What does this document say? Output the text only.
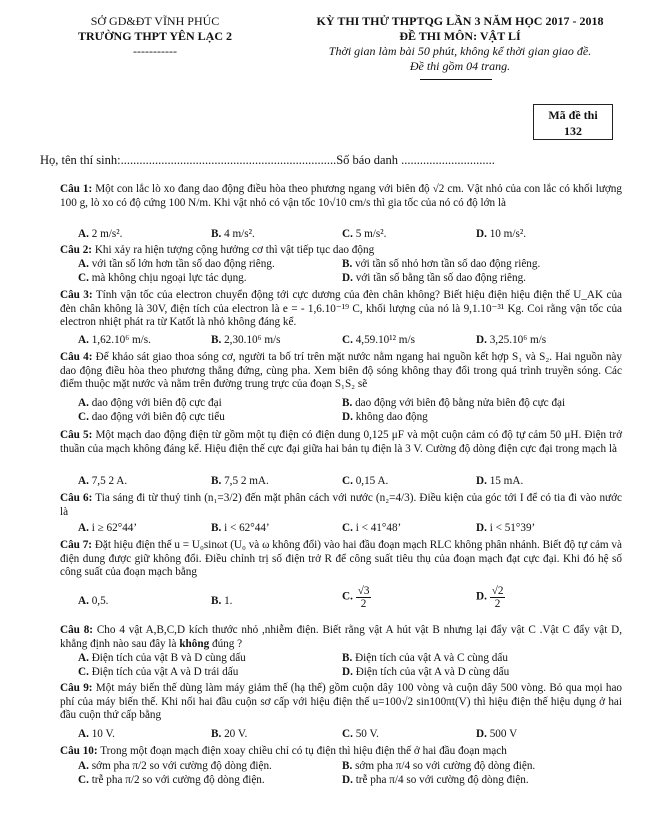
SỞ GD&ĐT VĨNH PHÚC
TRƯỜNG THPT YÊN LẠC 2
-----------
KỲ THI THỬ THPTQG LẦN 3 NĂM HỌC 2017 - 2018
ĐỀ THI MÔN: VẬT LÍ
Thời gian làm bài 50 phút, không kể thời gian giao đề.
Đề thi gồm 04 trang.
Mã đề thi
132
Họ, tên thí sinh:.....................................................................Số báo danh ..............................
Câu 1: Một con lắc lò xo đang dao động điều hòa theo phương ngang với biên độ √2 cm. Vật nhỏ của con lắc có khối lượng 100 g, lò xo có độ cứng 100 N/m. Khi vật nhỏ có vận tốc 10√10 cm/s thì gia tốc của nó có độ lớn là
A. 2 m/s².	B. 4 m/s².	C. 5 m/s².	D. 10 m/s².
Câu 2: Khi xảy ra hiện tượng cộng hưởng cơ thì vật tiếp tục dao động
A. với tần số lớn hơn tần số dao động riêng.	B. với tần số nhỏ hơn tần số dao động riêng.
C. mà không chịu ngoại lực tác dụng.	D. với tần số bằng tần số dao động riêng.
Câu 3: Tính vận tốc của electron chuyển động tới cực dương của đèn chân không? Biết hiệu điện hiệu điện thế U_AK của đèn chân không là 30V, điện tích của electron là e = - 1,6.10⁻¹⁹ C, khối lượng của nó là 9,1.10⁻³¹ Kg. Coi rằng vận tốc của electron nhiệt phát ra từ Katốt là nhỏ không đáng kể.
A. 1,62.10⁶ m/s.	B. 2,30.10⁶ m/s	C. 4,59.10¹² m/s	D. 3,25.10⁶ m/s
Câu 4: Để khảo sát giao thoa sóng cơ, người ta bố trí trên mặt nước nằm ngang hai nguồn kết hợp S₁ và S₂. Hai nguồn này dao động điều hòa theo phương thẳng đứng, cùng pha. Xem biên độ sóng không thay đổi trong quá trình truyền sóng. Các điểm thuộc mặt nước và nằm trên đường trung trực của đoạn S₁S₂ sẽ
A. dao động với biên độ cực đại	B. dao động với biên độ bằng nửa biên độ cực đại
C. dao động với biên độ cực tiểu	D. không dao động
Câu 5: Một mạch dao động điện từ gồm một tụ điện có điện dung 0,125 μF và một cuộn cảm có độ tự cảm 50 μH. Điện trở thuần của mạch không đáng kể. Hiệu điện thế cực đại giữa hai bản tụ điện là 3 V. Cường độ dòng điện cực đại trong mạch là
A. 7,5 2 A.	B. 7,5 2 mA.	C. 0,15 A.	D. 15 mA.
Câu 6: Tia sáng đi từ thuỷ tinh (n₁=3/2) đến mặt phân cách với nước (n₂=4/3). Điều kiện của góc tới I để có tia đi vào nước là
A. i ≥ 62°44’	B. i < 62°44’	C. i < 41°48’	D. i < 51°39’
Câu 7: Đặt hiệu điện thế u = U₀sinωt (U₀ và ω không đổi) vào hai đầu đoạn mạch RLC không phân nhánh. Biết độ tự cảm và điện dung được giữ không đổi. Điều chỉnh trị số điện trở R để công suất tiêu thụ của đoạn mạch đạt cực đại. Khi đó hệ số công suất của đoạn mạch bằng
A. 0,5.	B. 1.	C. $\frac{√3}{2}$	D. $\frac{√2}{2}$
Câu 8: Cho 4 vật A,B,C,D kích thước nhỏ ,nhiễm điện. Biết rằng vật A hút vật B nhưng lại đẩy vật C .Vật C đẩy vật D, khẳng định nào sau đây là không đúng ?
A. Điện tích của vật B và D cùng dấu	B. Điện tích của vật A và C cùng dấu
C. Điện tích của vật A và D trái dấu	D. Điện tích của vật A và D cùng dấu
Câu 9: Một máy biến thế dùng làm máy giảm thế (hạ thế) gồm cuộn dây 100 vòng và cuộn dây 500 vòng. Bỏ qua mọi hao phí của máy biến thế. Khi nối hai đầu cuộn sơ cấp với hiệu điện thế u=100√2 sin100πt(V) thì hiệu điện thế hiệu dụng ở hai đầu cuộn thứ cấp bằng
A. 10 V.	B. 20 V.	C. 50 V.	D. 500 V
Câu 10: Trong một đoạn mạch điện xoay chiều chỉ có tụ điện thì hiệu điện thế ở hai đầu đoạn mạch
A. sớm pha π/2 so với cường độ dòng điện.	B. sớm pha π/4 so với cường độ dòng điện.
C. trễ pha π/2 so với cường độ dòng điện.	D. trễ pha π/4 so với cường độ dòng điện.
